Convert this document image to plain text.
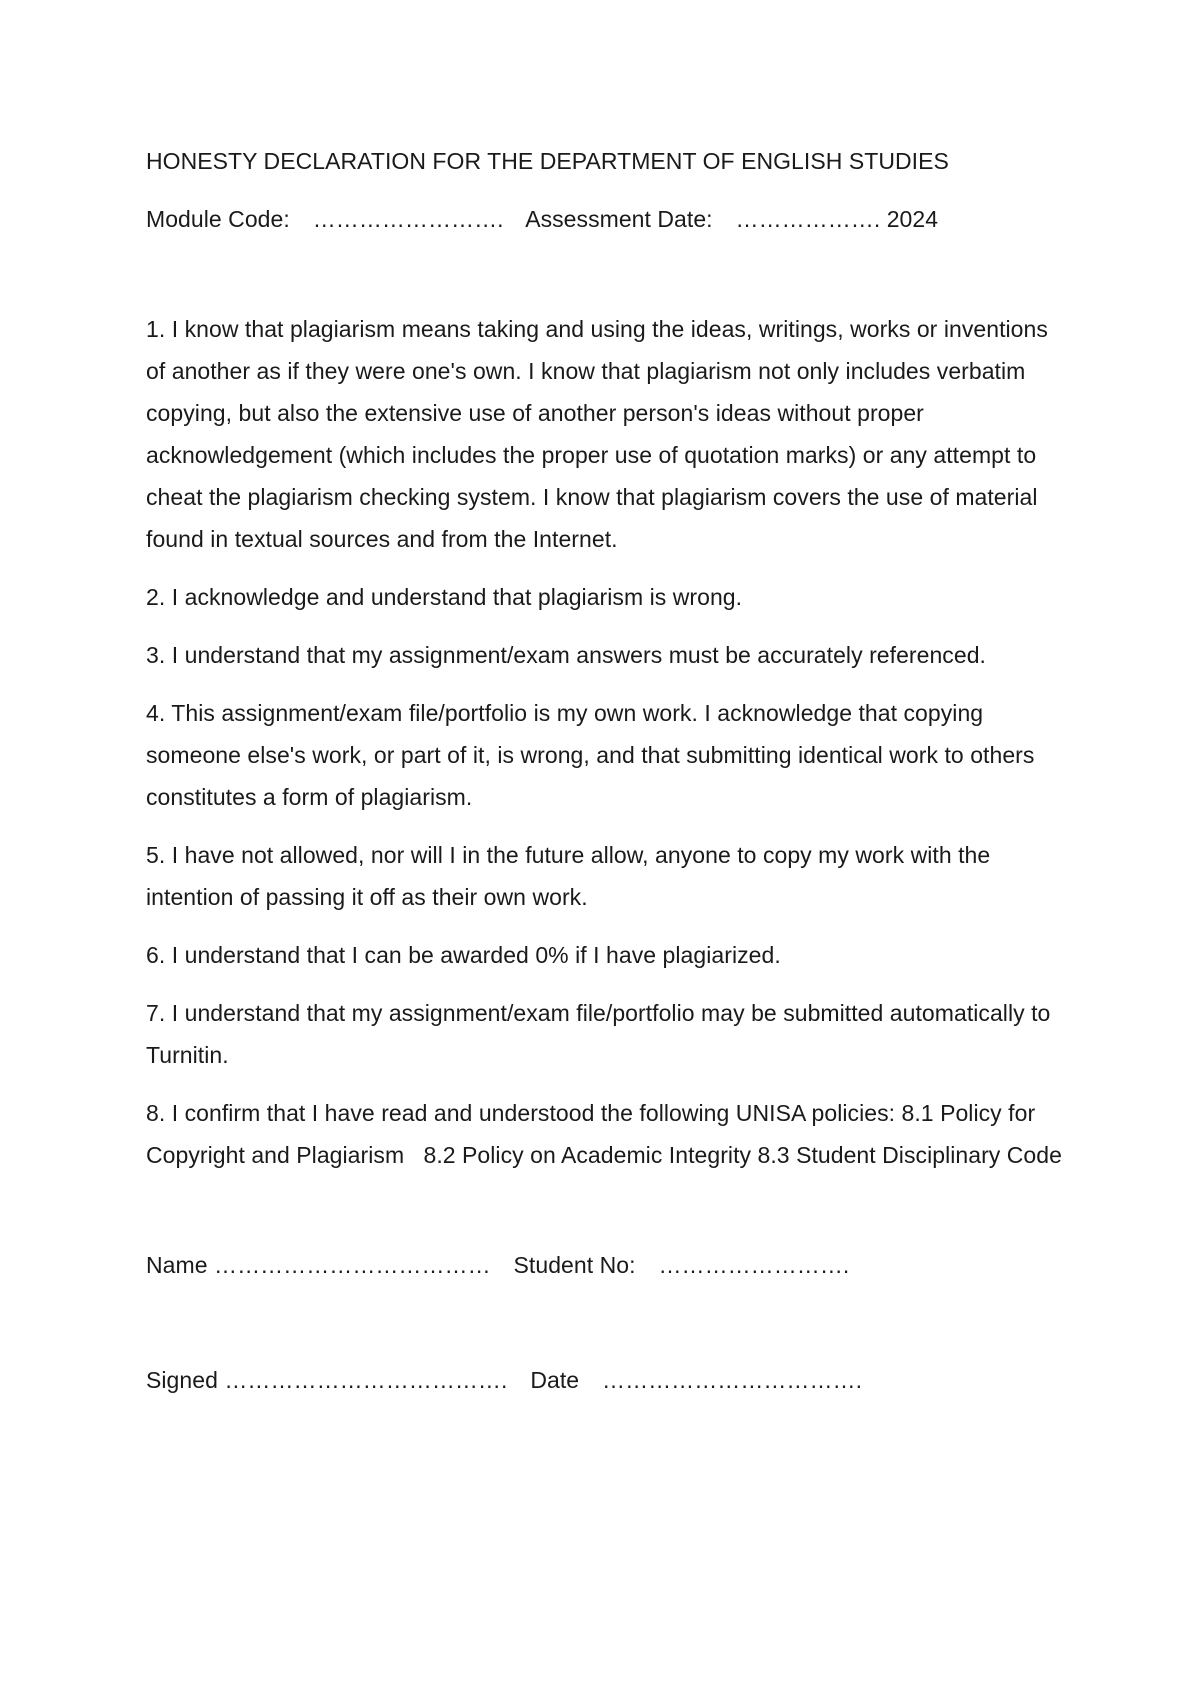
HONESTY DECLARATION FOR THE DEPARTMENT OF ENGLISH STUDIES

Module Code: ……………………. Assessment Date: ………………. 2024

1. I know that plagiarism means taking and using the ideas, writings, works or inventions of another as if they were one's own. I know that plagiarism not only includes verbatim copying, but also the extensive use of another person's ideas without proper acknowledgement (which includes the proper use of quotation marks) or any attempt to cheat the plagiarism checking system. I know that plagiarism covers the use of material found in textual sources and from the Internet.

2. I acknowledge and understand that plagiarism is wrong.

3. I understand that my assignment/exam answers must be accurately referenced.

4. This assignment/exam file/portfolio is my own work. I acknowledge that copying someone else's work, or part of it, is wrong, and that submitting identical work to others constitutes a form of plagiarism.

5. I have not allowed, nor will I in the future allow, anyone to copy my work with the intention of passing it off as their own work.

6. I understand that I can be awarded 0% if I have plagiarized.

7. I understand that my assignment/exam file/portfolio may be submitted automatically to Turnitin.

8. I confirm that I have read and understood the following UNISA policies: 8.1 Policy for Copyright and Plagiarism   8.2 Policy on Academic Integrity 8.3 Student Disciplinary Code

Name ……………………………… Student No: …………………….

Signed ………………………………. Date …………………………….
